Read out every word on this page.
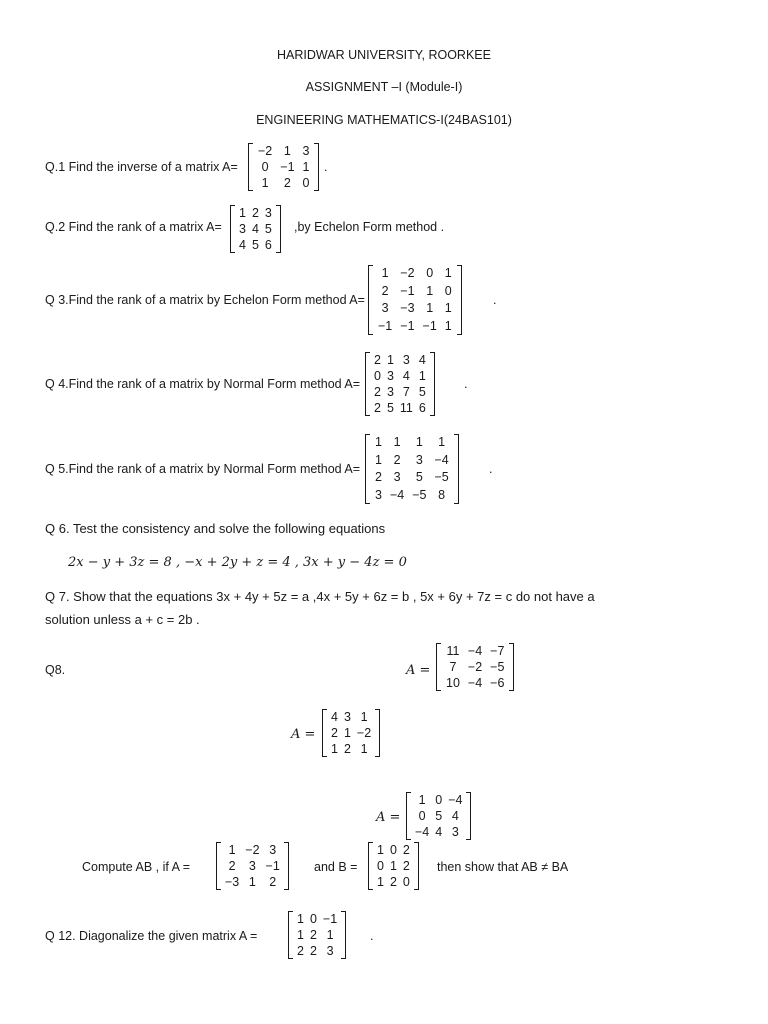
HARIDWAR UNIVERSITY, ROORKEE
ASSIGNMENT –I (Module-I)
ENGINEERING MATHEMATICS-I(24BAS101)
Q.1 Find the inverse of a matrix A=
−2	1	3
0	−1	1
1	2	0
.
Q.2 Find the rank of a matrix A=
1	2	3
3	4	5
4	5	6
,by Echelon Form method .
Q 3.Find the rank of a matrix by Echelon Form method A=
1	−2	0	1
2	−1	1	0
3	−3	1	1
−1	−1	−1	1
.
Q 4.Find the rank of a matrix by Normal Form method A=
2	1	3	4
0	3	4	1
2	3	7	5
2	5	11	6
.
Q 5.Find the rank of a matrix by Normal Form method A=
1	1	1	1
1	2	3	−4
2	3	5	−5
3	−4	−5	8
.
Q 6. Test the consistency and solve the following equations
2x − y + 3z = 8 , −x + 2y + z = 4 , 3x + y − 4z = 0
Q 7. Show that the equations 3x + 4y + 5z = a ,4x + 5y + 6z = b , 5x + 6y + 7z = c do not have a
solution unless a + c = 2b .
Q8.	A =
11	−4	−7
7	−2	−5
10	−4	−6
A =
4	3	1
2	1	−2
1	2	1
A =
1	0	−4
0	5	4
−4	4	3
Compute AB , if A =
1	−2	3
2	3	−1
−3	1	2
and B =
1	0	2
0	1	2
1	2	0
then show that AB ≠ BA
Q 12. Diagonalize the given matrix A =
1	0	−1
1	2	1
2	2	3
.
